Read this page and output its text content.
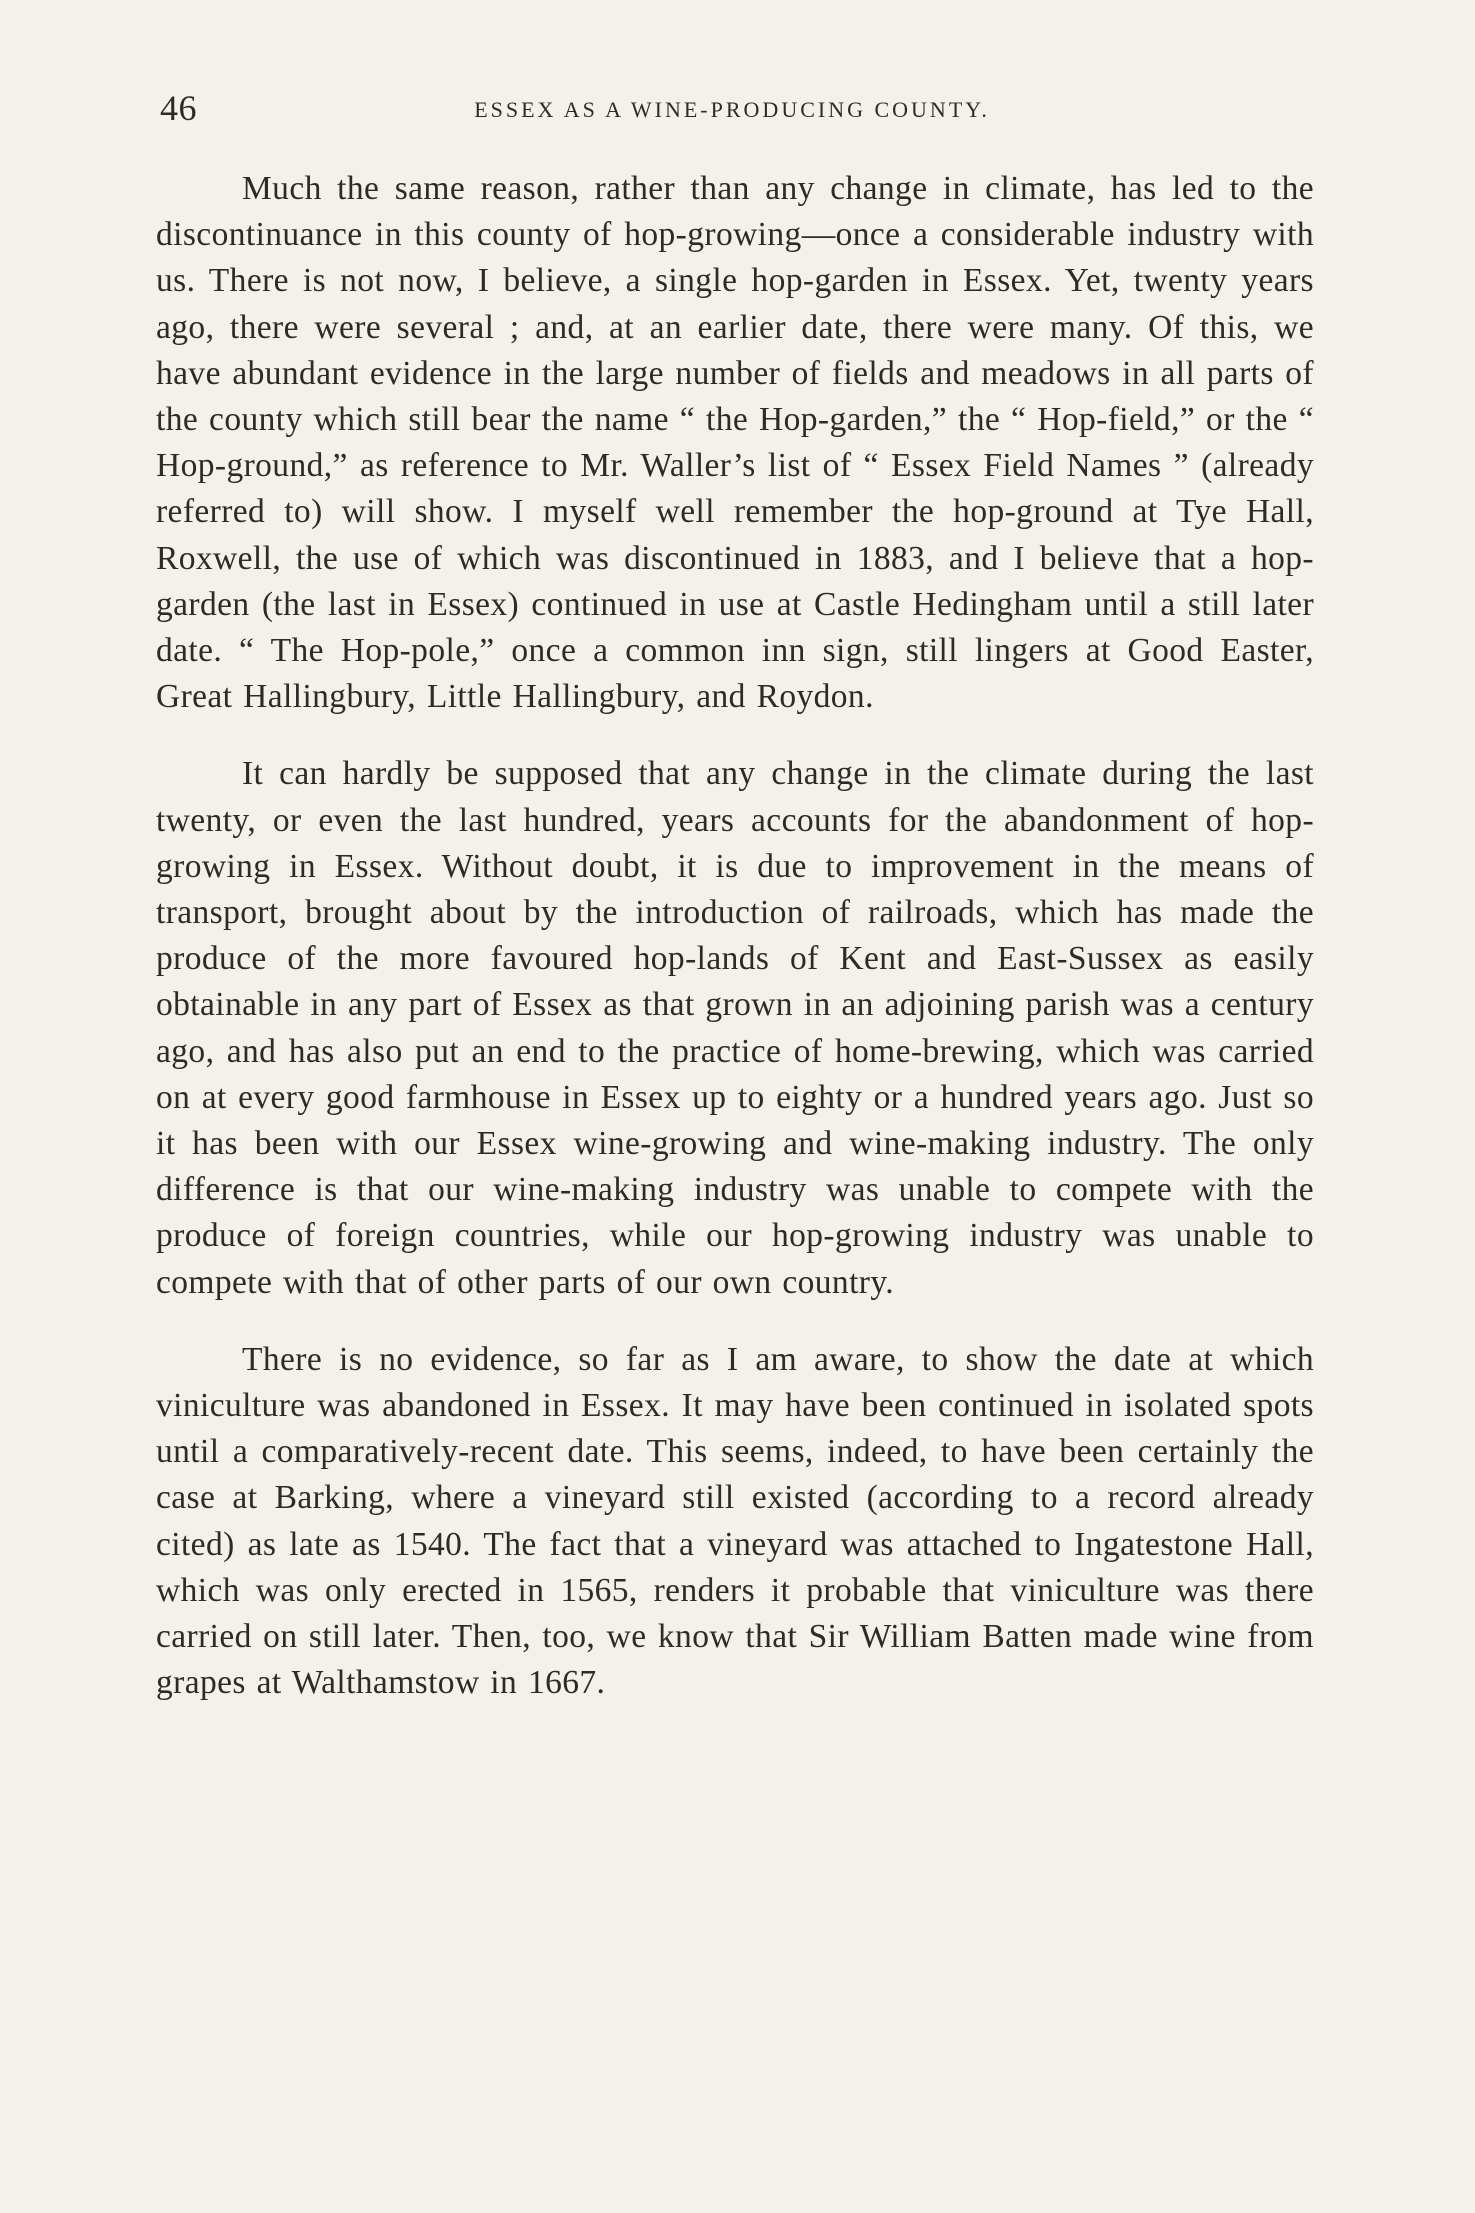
46	ESSEX AS A WINE-PRODUCING COUNTY.

Much the same reason, rather than any change in climate, has led to the discontinuance in this county of hop-growing—once a considerable industry with us. There is not now, I believe, a single hop-garden in Essex. Yet, twenty years ago, there were several ; and, at an earlier date, there were many. Of this, we have abundant evidence in the large number of fields and meadows in all parts of the county which still bear the name “ the Hop-garden,” the “ Hop-field,” or the “ Hop-ground,” as reference to Mr. Waller’s list of “ Essex Field Names ” (already referred to) will show. I myself well remember the hop-ground at Tye Hall, Roxwell, the use of which was discontinued in 1883, and I believe that a hop-garden (the last in Essex) continued in use at Castle Hedingham until a still later date. “ The Hop-pole,” once a common inn sign, still lingers at Good Easter, Great Hallingbury, Little Hallingbury, and Roydon.

It can hardly be supposed that any change in the climate during the last twenty, or even the last hundred, years accounts for the abandonment of hop-growing in Essex. Without doubt, it is due to improvement in the means of transport, brought about by the introduction of railroads, which has made the produce of the more favoured hop-lands of Kent and East-Sussex as easily obtainable in any part of Essex as that grown in an adjoining parish was a century ago, and has also put an end to the practice of home-brewing, which was carried on at every good farmhouse in Essex up to eighty or a hundred years ago. Just so it has been with our Essex wine-growing and wine-making industry. The only difference is that our wine-making industry was unable to compete with the produce of foreign countries, while our hop-growing industry was unable to compete with that of other parts of our own country.

There is no evidence, so far as I am aware, to show the date at which viniculture was abandoned in Essex. It may have been continued in isolated spots until a comparatively-recent date. This seems, indeed, to have been certainly the case at Barking, where a vineyard still existed (according to a record already cited) as late as 1540. The fact that a vineyard was attached to Ingatestone Hall, which was only erected in 1565, renders it probable that viniculture was there carried on still later. Then, too, we know that Sir William Batten made wine from grapes at Walthamstow in 1667.
